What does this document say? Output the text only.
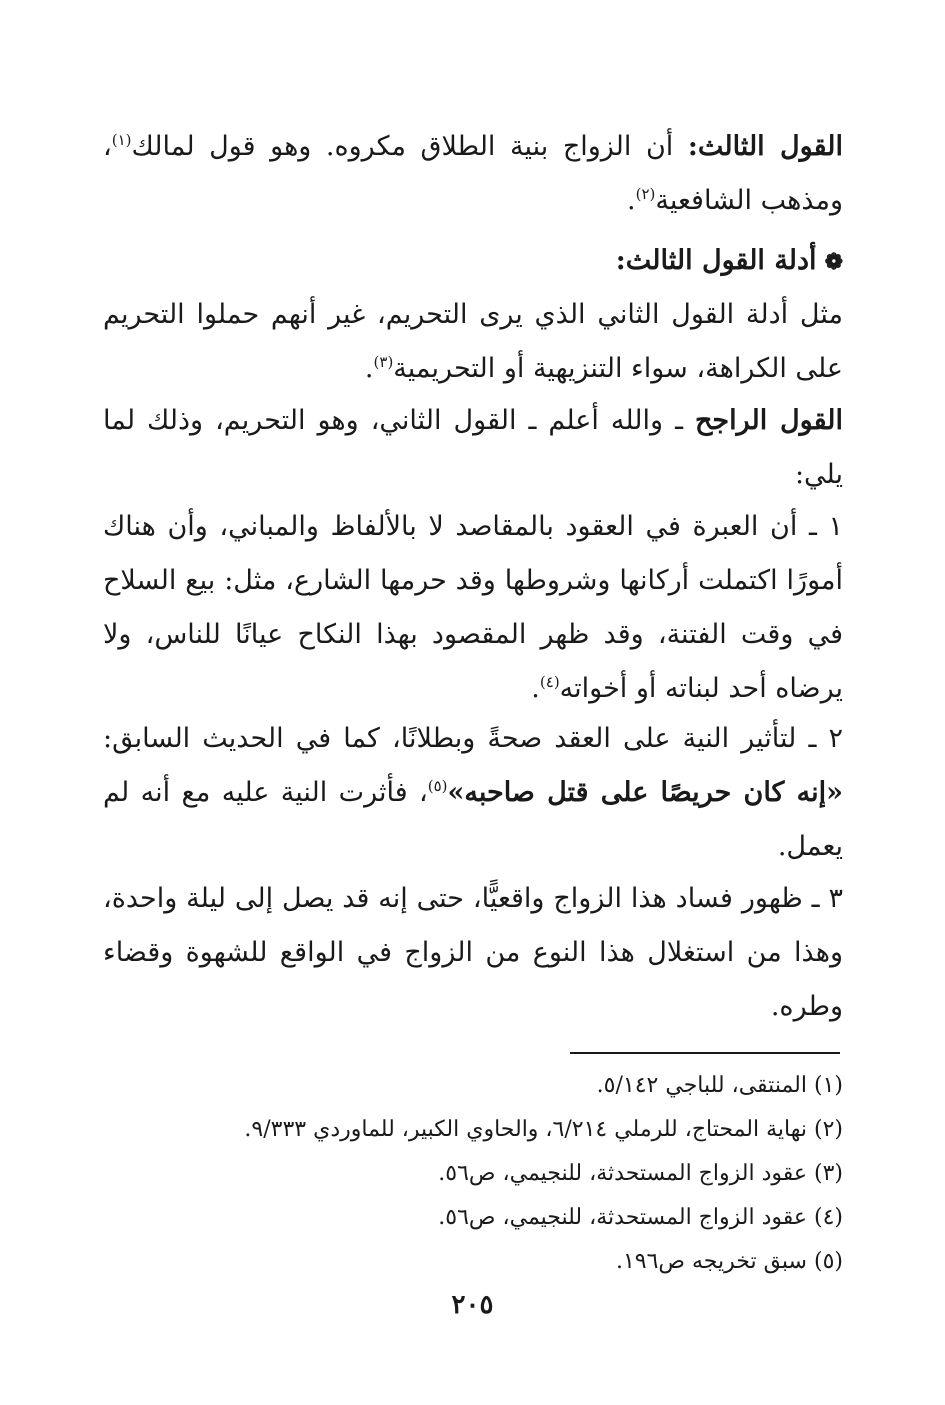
القول الثالث: أن الزواج بنية الطلاق مكروه. وهو قول لمالك$^{(١)}$، ومذهب الشافعية$^{(٢)}$.
❁أدلة القول الثالث:
مثل أدلة القول الثاني الذي يرى التحريم، غير أنهم حملوا التحريم على الكراهة، سواء التنزيهية أو التحريمية$^{(٣)}$.
القول الراجح ـ والله أعلم ـ القول الثاني، وهو التحريم، وذلك لما يلي:
١ ـ أن العبرة في العقود بالمقاصد لا بالألفاظ والمباني، وأن هناك أمورًا اكتملت أركانها وشروطها وقد حرمها الشارع، مثل: بيع السلاح في وقت الفتنة، وقد ظهر المقصود بهذا النكاح عيانًا للناس، ولا يرضاه أحد لبناته أو أخواته$^{(٤)}$.
٢ ـ لتأثير النية على العقد صحةً وبطلانًا، كما في الحديث السابق: «إنه كان حريصًا على قتل صاحبه»$^{(٥)}$، فأثرت النية عليه مع أنه لم يعمل.
٣ ـ ظهور فساد هذا الزواج واقعيًّا، حتى إنه قد يصل إلى ليلة واحدة، وهذا من استغلال هذا النوع من الزواج في الواقع للشهوة وقضاء وطره.
(١) المنتقى، للباجي ٥/١٤٢.
(٢) نهاية المحتاج، للرملي ٦/٢١٤، والحاوي الكبير، للماوردي ٩/٣٣٣.
(٣) عقود الزواج المستحدثة، للنجيمي، ص٥٦.
(٤) عقود الزواج المستحدثة، للنجيمي، ص٥٦.
(٥) سبق تخريجه ص١٩٦.
٢٠٥
